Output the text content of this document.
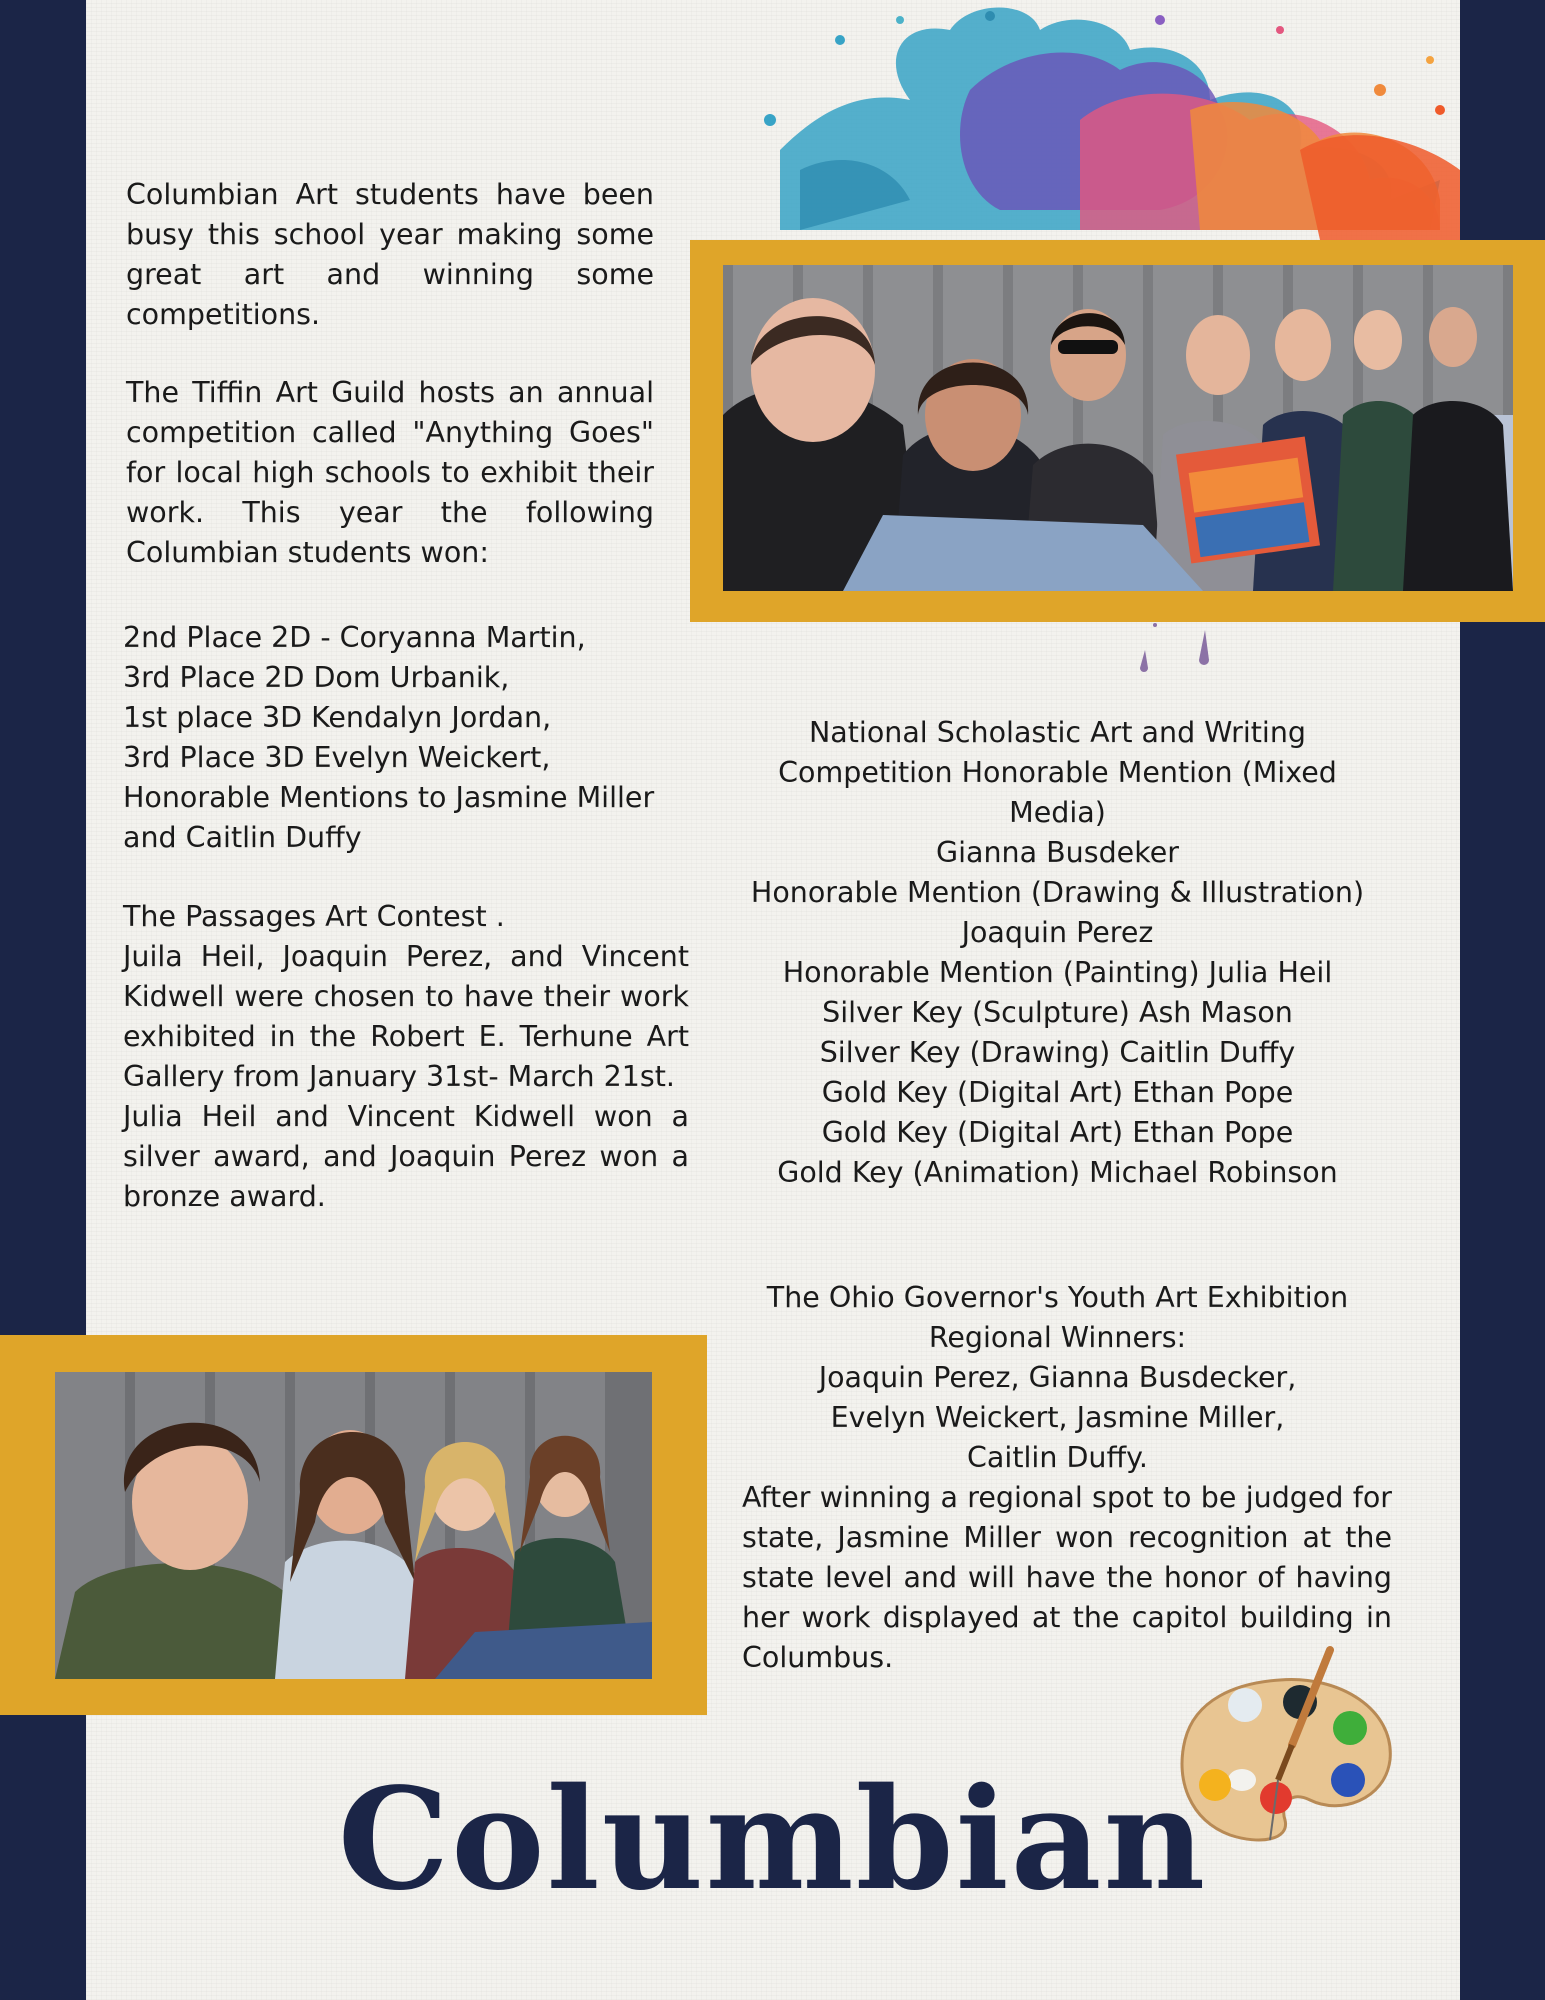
Columbian Art students have been busy this school year making some great art and winning some competitions.

The Tiffin Art Guild hosts an annual competition called "Anything Goes" for local high schools to exhibit their work. This year the following Columbian students won:

2nd Place 2D - Coryanna Martin,
3rd Place 2D Dom Urbanik,
1st place 3D Kendalyn Jordan,
3rd Place 3D Evelyn Weickert,
Honorable Mentions to Jasmine Miller and Caitlin Duffy

The Passages Art Contest .

Juila Heil, Joaquin Perez, and Vincent Kidwell were chosen to have their work exhibited in the Robert E. Terhune Art Gallery from January 31st- March 21st.

Julia Heil and Vincent Kidwell won a silver award, and Joaquin Perez won a bronze award.

National Scholastic Art and Writing
Competition Honorable Mention (Mixed
Media)
Gianna Busdeker
Honorable Mention (Drawing & Illustration)
Joaquin Perez
Honorable Mention (Painting) Julia Heil
Silver Key (Sculpture) Ash Mason
Silver Key (Drawing) Caitlin Duffy
Gold Key (Digital Art) Ethan Pope
Gold Key (Digital Art) Ethan Pope
Gold Key (Animation) Michael Robinson
The Ohio Governor's Youth Art Exhibition
Regional Winners:
Joaquin Perez, Gianna Busdecker,
Evelyn Weickert, Jasmine Miller,
Caitlin Duffy.

After winning a regional spot to be judged for state, Jasmine Miller won recognition at the state level and will have the honor of having her work displayed at the capitol building in Columbus.

Columbian
